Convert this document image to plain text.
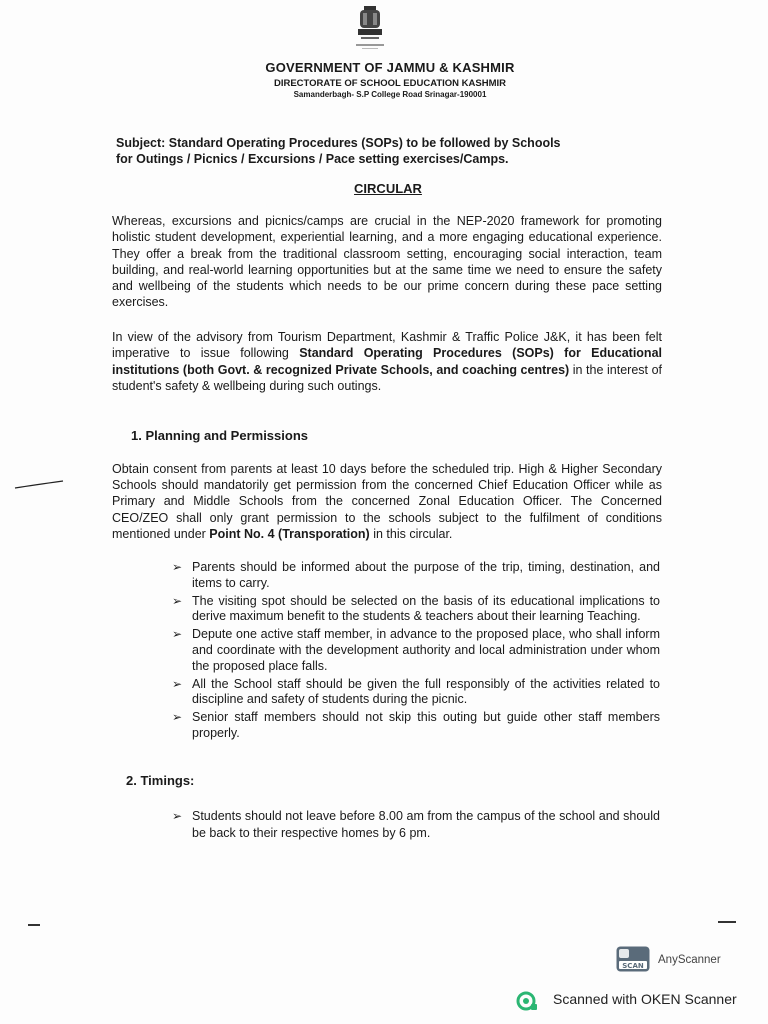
GOVERNMENT OF JAMMU & KASHMIR
DIRECTORATE OF SCHOOL EDUCATION KASHMIR
Samanderbagh- S.P College Road Srinagar-190001
Subject: Standard Operating Procedures (SOPs) to be followed by Schools
for Outings / Picnics / Excursions / Pace setting exercises/Camps.
CIRCULAR
Whereas, excursions and picnics/camps are crucial in the NEP-2020 framework for promoting holistic student development, experiential learning, and a more engaging educational experience. They offer a break from the traditional classroom setting, encouraging social interaction, team building, and real-world learning opportunities but at the same time we need to ensure the safety and wellbeing of the students which needs to be our prime concern during these pace setting exercises.
In view of the advisory from Tourism Department, Kashmir & Traffic Police J&K, it has been felt imperative to issue following Standard Operating Procedures (SOPs) for Educational institutions (both Govt. & recognized Private Schools, and coaching centres) in the interest of student's safety & wellbeing during such outings.
1. Planning and Permissions
Obtain consent from parents at least 10 days before the scheduled trip. High & Higher Secondary Schools should mandatorily get permission from the concerned Chief Education Officer while as Primary and Middle Schools from the concerned Zonal Education Officer. The Concerned CEO/ZEO shall only grant permission to the schools subject to the fulfilment of conditions mentioned under Point No. 4 (Transporation) in this circular.
➢ Parents should be informed about the purpose of the trip, timing, destination, and items to carry.
➢ The visiting spot should be selected on the basis of its educational implications to derive maximum benefit to the students & teachers about their learning Teaching.
➢ Depute one active staff member, in advance to the proposed place, who shall inform and coordinate with the development authority and local administration under whom the proposed place falls.
➢ All the School staff should be given the full responsibly of the activities related to discipline and safety of students during the picnic.
➢ Senior staff members should not skip this outing but guide other staff members properly.
2. Timings:
➢ Students should not leave before 8.00 am from the campus of the school and should be back to their respective homes by 6 pm.
SCAN AnyScanner
Scanned with OKEN Scanner
